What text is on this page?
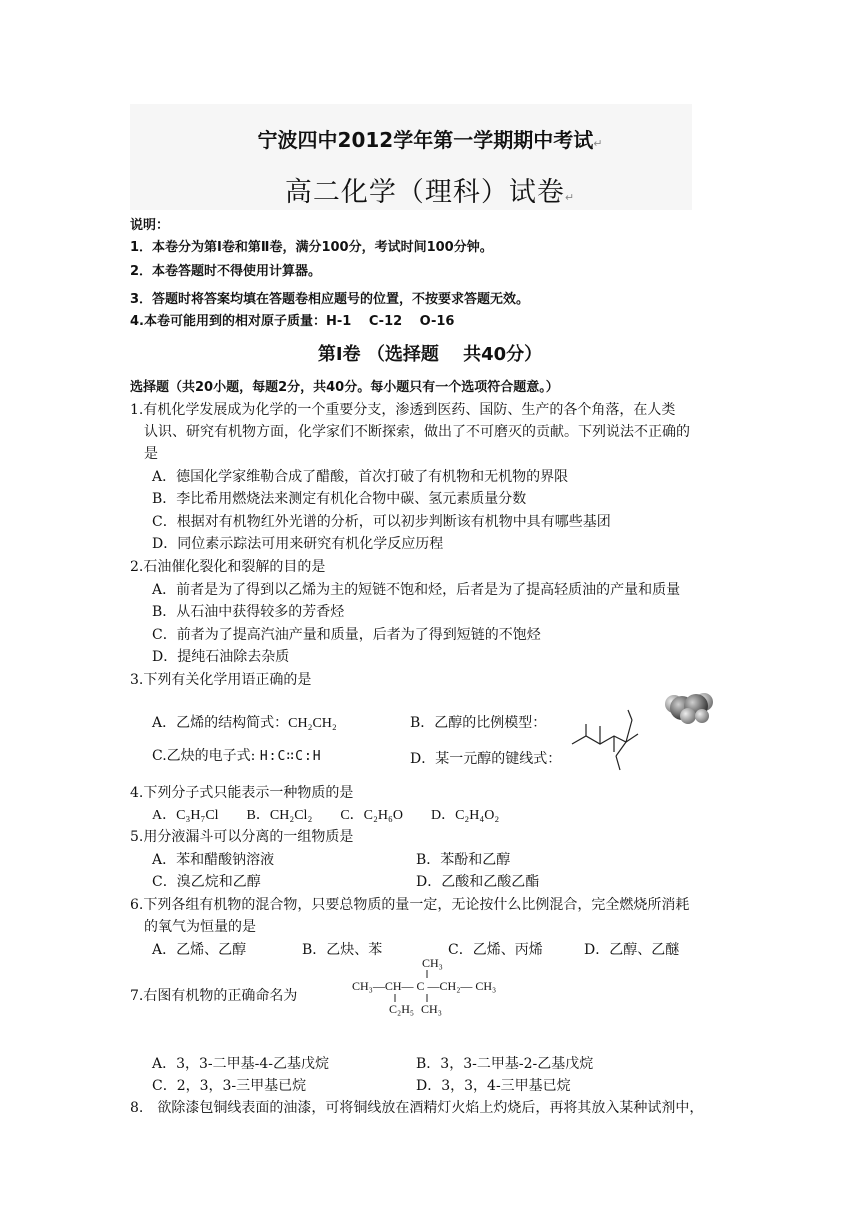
宁波四中2012学年第一学期期中考试↵
高二化学（理科）试卷↵
说明：
1．本卷分为第Ⅰ卷和第Ⅱ卷，满分100分，考试时间100分钟。
2．本卷答题时不得使用计算器。
3．答题时将答案均填在答题卷相应题号的位置，不按要求答题无效。
4.本卷可能用到的相对原子质量：H-1　 C-12　 O-16
第Ⅰ卷 （选择题　 共40分）
选择题（共20小题，每题2分，共40分。每小题只有一个选项符合题意。）
1.有机化学发展成为化学的一个重要分支，渗透到医药、国防、生产的各个角落，在人类
认识、研究有机物方面，化学家们不断探索，做出了不可磨灭的贡献。下列说法不正确的
是
A．德国化学家维勒合成了醋酸，首次打破了有机物和无机物的界限
B．李比希用燃烧法来测定有机化合物中碳、氢元素质量分数
C．根据对有机物红外光谱的分析，可以初步判断该有机物中具有哪些基团
D．同位素示踪法可用来研究有机化学反应历程
2.石油催化裂化和裂解的目的是
A．前者是为了得到以乙烯为主的短链不饱和烃，后者是为了提高轻质油的产量和质量
B．从石油中获得较多的芳香烃
C．前者为了提高汽油产量和质量，后者为了得到短链的不饱烃
D．提纯石油除去杂质
3.下列有关化学用语正确的是
A．乙烯的结构简式：CH₂CH₂	B．乙醇的比例模型：
C.乙炔的电子式: H:C∷C:H	D．某一元醇的键线式：
4.下列分子式只能表示一种物质的是
A．C₃H₇Cl　　B．CH₂Cl₂　　C．C₂H₆O　　D．C₂H₄O₂
5.用分液漏斗可以分离的一组物质是
A．苯和醋酸钠溶液	B．苯酚和乙醇
C．溴乙烷和乙醇	D．乙酸和乙酸乙酯
6.下列各组有机物的混合物，只要总物质的量一定，无论按什么比例混合，完全燃烧所消耗
的氧气为恒量的是
A．乙烯、乙醇	B．乙炔、苯	C．乙烯、丙烯	D．乙醇、乙醚
7.右图有机物的正确命名为
CH₃
CH₃—CH— C —CH₂— CH₃
C₂H₅ CH₃
A．3，3-二甲基-4-乙基戊烷	B．3，3-二甲基-2-乙基戊烷
C．2，3，3-三甲基已烷	D．3，3，4-三甲基已烷
8.　欲除漆包铜线表面的油漆，可将铜线放在酒精灯火焰上灼烧后，再将其放入某种试剂中，
